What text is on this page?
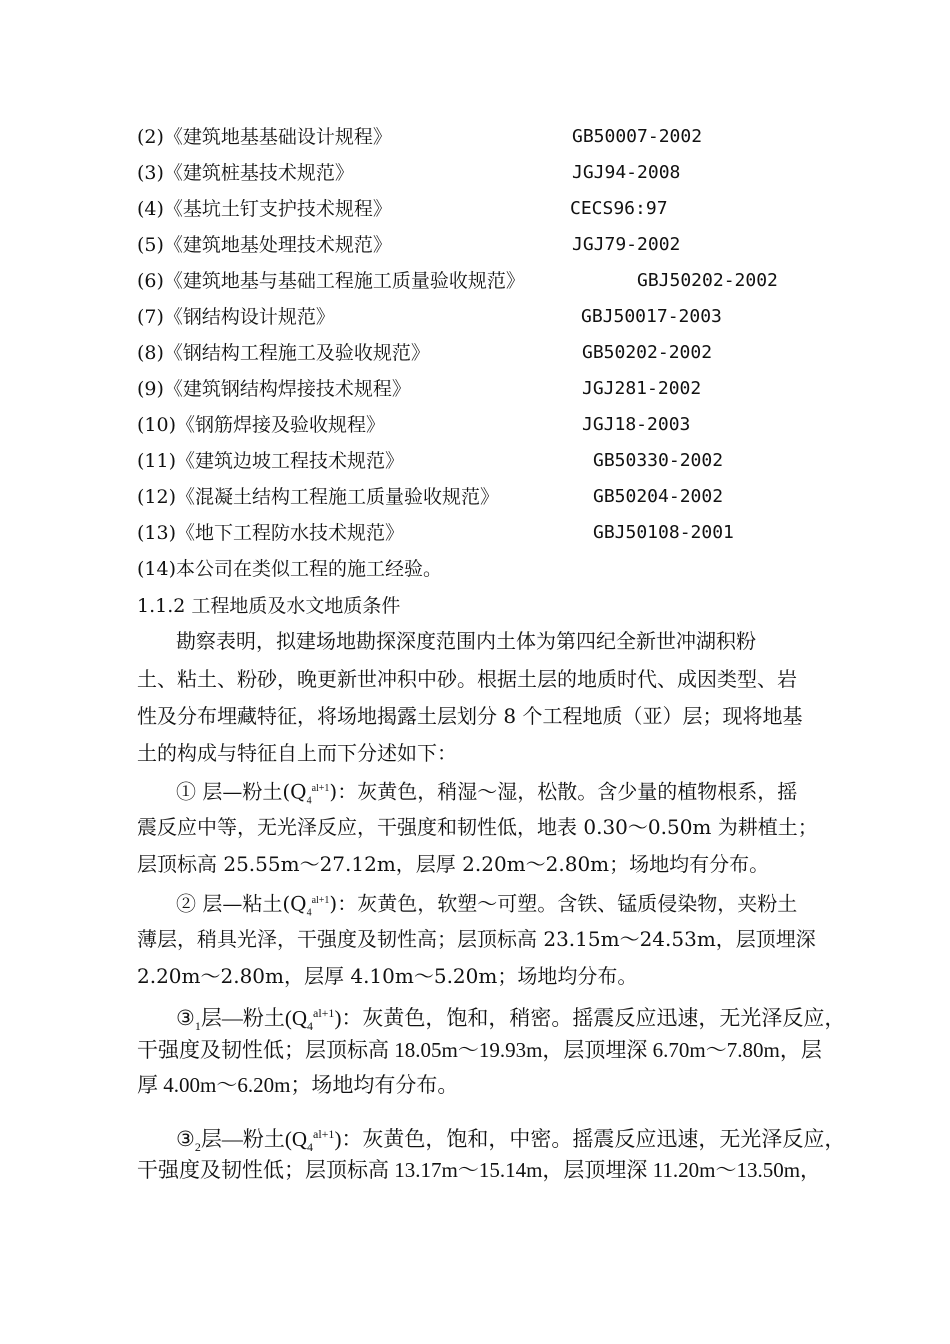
(2)《建筑地基基础设计规程》	GB50007-2002
(3)《建筑桩基技术规范》	JGJ94-2008
(4)《基坑土钉支护技术规程》	CECS96:97
(5)《建筑地基处理技术规范》	JGJ79-2002
(6)《建筑地基与基础工程施工质量验收规范》	GBJ50202-2002
(7)《钢结构设计规范》	GBJ50017-2003
(8)《钢结构工程施工及验收规范》	GB50202-2002
(9)《建筑钢结构焊接技术规程》	JGJ281-2002
(10)《钢筋焊接及验收规程》	JGJ18-2003
(11)《建筑边坡工程技术规范》	GB50330-2002
(12)《混凝土结构工程施工质量验收规范》	GB50204-2002
(13)《地下工程防水技术规范》	GBJ50108-2001
(14)本公司在类似工程的施工经验。
1.1.2 工程地质及水文地质条件
勘察表明，拟建场地勘探深度范围内土体为第四纪全新世冲湖积粉
土、粘土、粉砂，晚更新世冲积中砂。根据土层的地质时代、成因类型、岩
性及分布埋藏特征，将场地揭露土层划分 8 个工程地质（亚）层；现将地基
土的构成与特征自上而下分述如下：
① 层—粉土$(Q_4^{al+1})$：灰黄色，稍湿～湿，松散。含少量的植物根系，摇
震反应中等，无光泽反应，干强度和韧性低，地表 0.30～0.50m 为耕植土；
层顶标高 25.55m～27.12m，层厚 2.20m～2.80m；场地均有分布。
② 层—粘土$(Q_4^{al+1})$：灰黄色，软塑～可塑。含铁、锰质侵染物，夹粉土
薄层，稍具光泽，干强度及韧性高；层顶标高 23.15m～24.53m，层顶埋深
2.20m～2.80m，层厚 4.10m～5.20m；场地均分布。
$③_1$层—粉土$(Q_4^{al+1})$：灰黄色，饱和，稍密。摇震反应迅速，无光泽反应，
干强度及韧性低；层顶标高 18.05m～19.93m，层顶埋深 6.70m～7.80m，层
厚 4.00m～6.20m；场地均有分布。
$③_2$层—粉土$(Q_4^{al+1})$：灰黄色，饱和，中密。摇震反应迅速，无光泽反应，
干强度及韧性低；层顶标高 13.17m～15.14m，层顶埋深 11.20m～13.50m，
